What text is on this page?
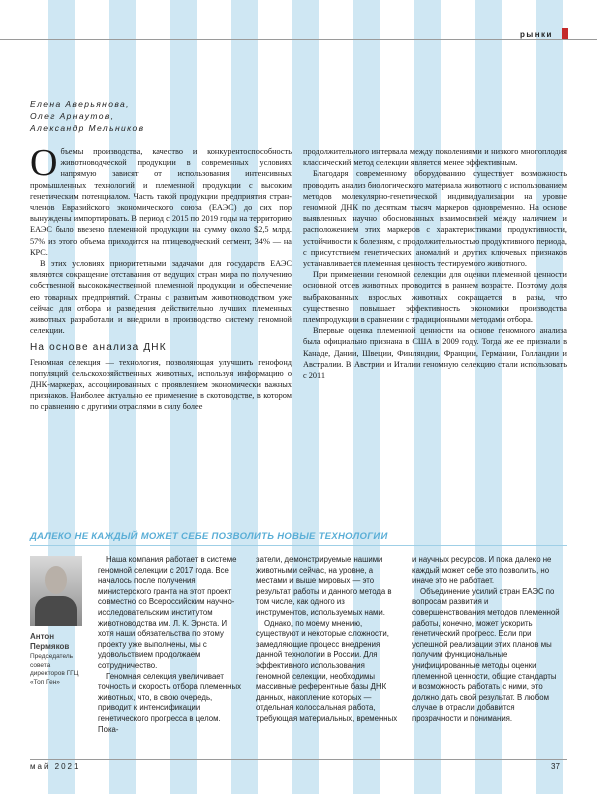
рынки
Елена Аверьянова,
Олег Арнаутов,
Александр Мельников

Объемы производства, качество и конкурентоспособность животноводческой продукции в современных условиях напрямую зависят от использования интенсивных промышленных технологий и племенной продукции с высоким генетическим потенциалом. Часть такой продукции предприятия стран-членов Евразийского экономического союза (ЕАЭС) до сих пор вынуждены импортировать. В период с 2015 по 2019 годы на территорию ЕАЭС было ввезено племенной продукции на сумму около $2,5 млрд. 57% из этого объема приходится на птицеводческий сегмент, 34% — на КРС.

В этих условиях приоритетными задачами для государств ЕАЭС являются сокращение отставания от ведущих стран мира по получению собственной высококачественной племенной продукции и обеспечение ею товарных предприятий. Страны с развитым животноводством уже сейчас для отбора и разведения действительно лучших племенных животных разработали и внедрили в производство систему геномной селекции.

На основе анализа ДНК

Геномная селекция — технология, позволяющая улучшить генофонд популяций сельскохозяйственных животных, используя информацию о ДНК-маркерах, ассоциированных с проявлением экономически важных признаков. Наиболее актуально ее применение в скотоводстве, в котором по сравнению с другими отраслями в силу более

продолжительного интервала между поколениями и низкого многоплодия классический метод селекции является менее эффективным.

Благодаря современному оборудованию существует возможность проводить анализ биологического материала животного с использованием методов молекулярно-генетической индивидуализации на уровне геномной ДНК по десяткам тысяч маркеров одновременно. На основе выявленных научно обоснованных взаимосвязей между наличием и расположением этих маркеров с характеристиками продуктивности, устойчивости к болезням, с продолжительностью продуктивного периода, с присутствием генетических аномалий и других ключевых признаков устанавливается племенная ценность тестируемого животного.

При применении геномной селекции для оценки племенной ценности основной отсев животных проводится в раннем возрасте. Поэтому доля выбракованных взрослых животных сокращается в разы, что существенно повышает эффективность экономики производства племпродукции в сравнении с традиционными методами отбора.

Впервые оценка племенной ценности на основе геномного анализа была официально признана в США в 2009 году. Тогда же ее признали в Канаде, Дании, Швеции, Финляндии, Франции, Германии, Голландии и Австралии. В Австрии и Италии геномную селекцию стали использовать с 2011

ДАЛЕКО НЕ КАЖДЫЙ МОЖЕТ СЕБЕ ПОЗВОЛИТЬ НОВЫЕ ТЕХНОЛОГИИ
Антон
Пермяков
Председатель совета директоров ГГЦ «Топ Ген»

Наша компания работает в системе геномной селекции с 2017 года. Все началось после получения министерского гранта на этот проект совместно со Всероссийским научно-исследовательским институтом животноводства им. Л. К. Эрнста. И хотя наши обязательства по этому проекту уже выполнены, мы с удовольствием продолжаем сотрудничество.

Геномная селекция увеличивает точность и скорость отбора племенных животных, что, в свою очередь, приводит к интенсификации генетического прогресса в целом. Пока-

затели, демонстрируемые нашими животными сейчас, на уровне, а местами и выше мировых — это результат работы и данного метода в том числе, как одного из инструментов, используемых нами.

Однако, по моему мнению, существуют и некоторые сложности, замедляющие процесс внедрения данной технологии в России. Для эффективного использования геномной селекции, необходимы массивные референтные базы ДНК данных, накопление которых — отдельная колоссальная работа, требующая материальных, временных

и научных ресурсов. И пока далеко не каждый может себе это позволить, но иначе это не работает.

Объединение усилий стран ЕАЭС по вопросам развития и совершенствования методов племенной работы, конечно, может ускорить генетический прогресс. Если при успешной реализации этих планов мы получим функциональные унифицированные методы оценки племенной ценности, общие стандарты и возможность работать с ними, это должно дать свой результат. В любом случае в отрасли добавится прозрачности и понимания.

май 2021	37
